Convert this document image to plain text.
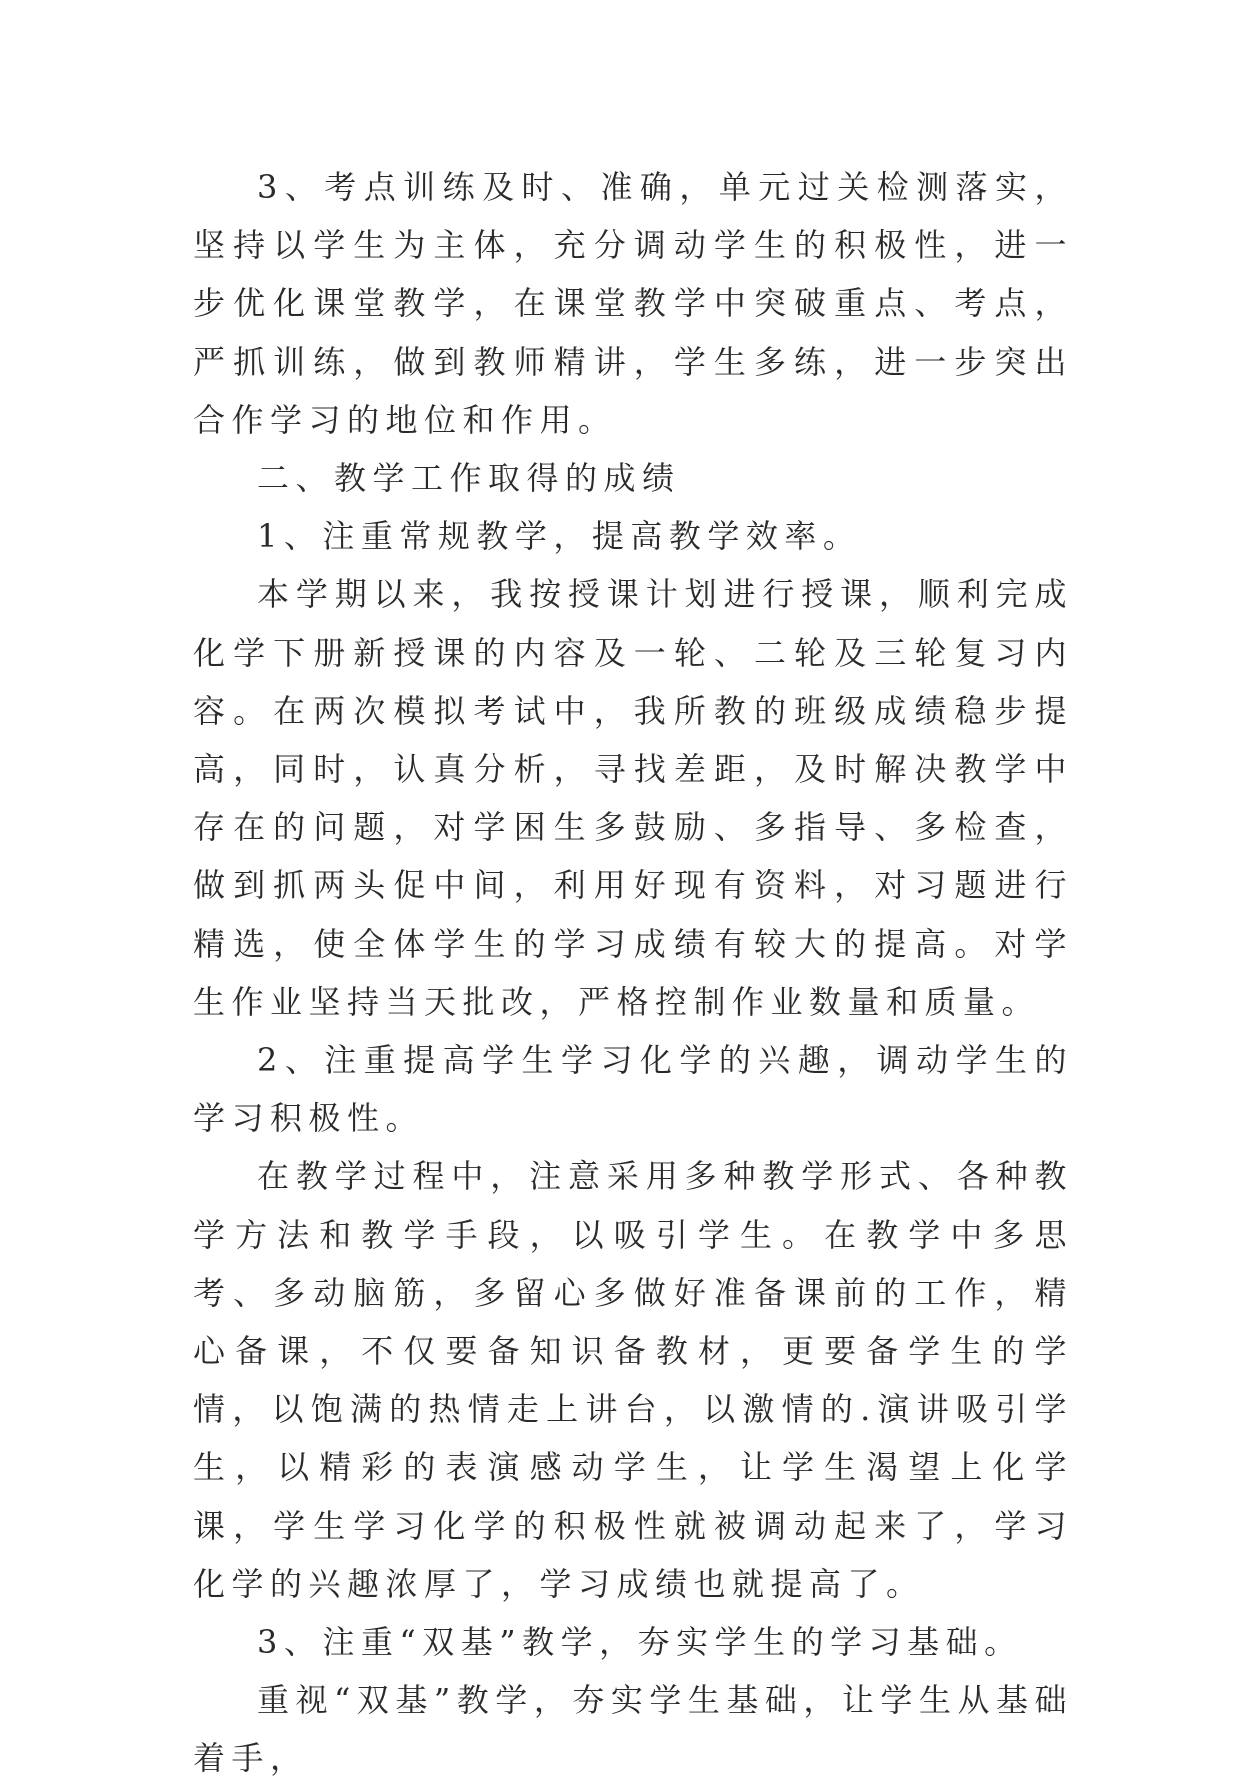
3、考点训练及时、准确，单元过关检测落实，坚持以学生为主体，充分调动学生的积极性，进一步优化课堂教学，在课堂教学中突破重点、考点，严抓训练，做到教师精讲，学生多练，进一步突出合作学习的地位和作用。

二、教学工作取得的成绩

1、注重常规教学，提高教学效率。

本学期以来，我按授课计划进行授课，顺利完成化学下册新授课的内容及一轮、二轮及三轮复习内容。在两次模拟考试中，我所教的班级成绩稳步提高，同时，认真分析，寻找差距，及时解决教学中存在的问题，对学困生多鼓励、多指导、多检查，做到抓两头促中间，利用好现有资料，对习题进行精选，使全体学生的学习成绩有较大的提高。对学生作业坚持当天批改，严格控制作业数量和质量。

2、注重提高学生学习化学的兴趣，调动学生的学习积极性。

在教学过程中，注意采用多种教学形式、各种教学方法和教学手段，以吸引学生。在教学中多思考、多动脑筋，多留心多做好准备课前的工作，精心备课，不仅要备知识备教材，更要备学生的学情，以饱满的热情走上讲台，以激情的.演讲吸引学生，以精彩的表演感动学生，让学生渴望上化学课，学生学习化学的积极性就被调动起来了，学习化学的兴趣浓厚了，学习成绩也就提高了。

3、注重“双基”教学，夯实学生的学习基础。

重视“双基”教学，夯实学生基础，让学生从基础着手，
